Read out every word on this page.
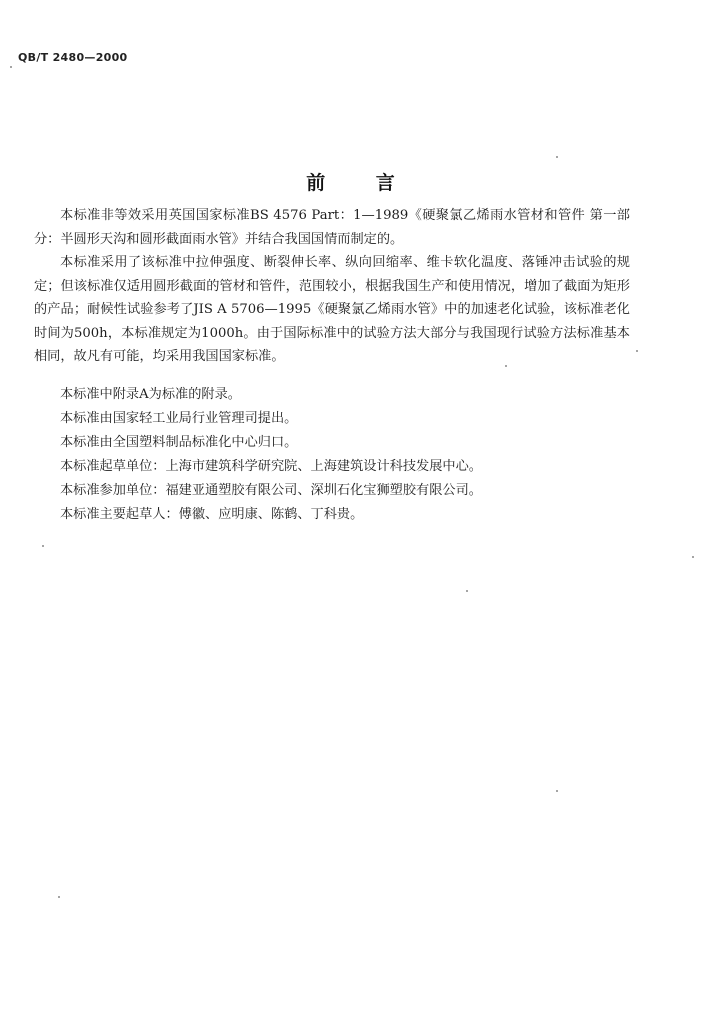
QB/T 2480—2000
前 言

本标准非等效采用英国国家标准BS 4576 Part：1—1989《硬聚氯乙烯雨水管材和管件 第一部分：半圆形天沟和圆形截面雨水管》并结合我国国情而制定的。

本标准采用了该标准中拉伸强度、断裂伸长率、纵向回缩率、维卡软化温度、落锤冲击试验的规定；但该标准仅适用圆形截面的管材和管件，范围较小，根据我国生产和使用情况，增加了截面为矩形的产品；耐候性试验参考了JIS A 5706—1995《硬聚氯乙烯雨水管》中的加速老化试验，该标准老化时间为500h，本标准规定为1000h。由于国际标准中的试验方法大部分与我国现行试验方法标准基本相同，故凡有可能，均采用我国国家标准。

本标准中附录A为标准的附录。
本标准由国家轻工业局行业管理司提出。
本标准由全国塑料制品标准化中心归口。
本标准起草单位：上海市建筑科学研究院、上海建筑设计科技发展中心。
本标准参加单位：福建亚通塑胶有限公司、深圳石化宝狮塑胶有限公司。
本标准主要起草人：傅徽、应明康、陈鹤、丁科贵。
